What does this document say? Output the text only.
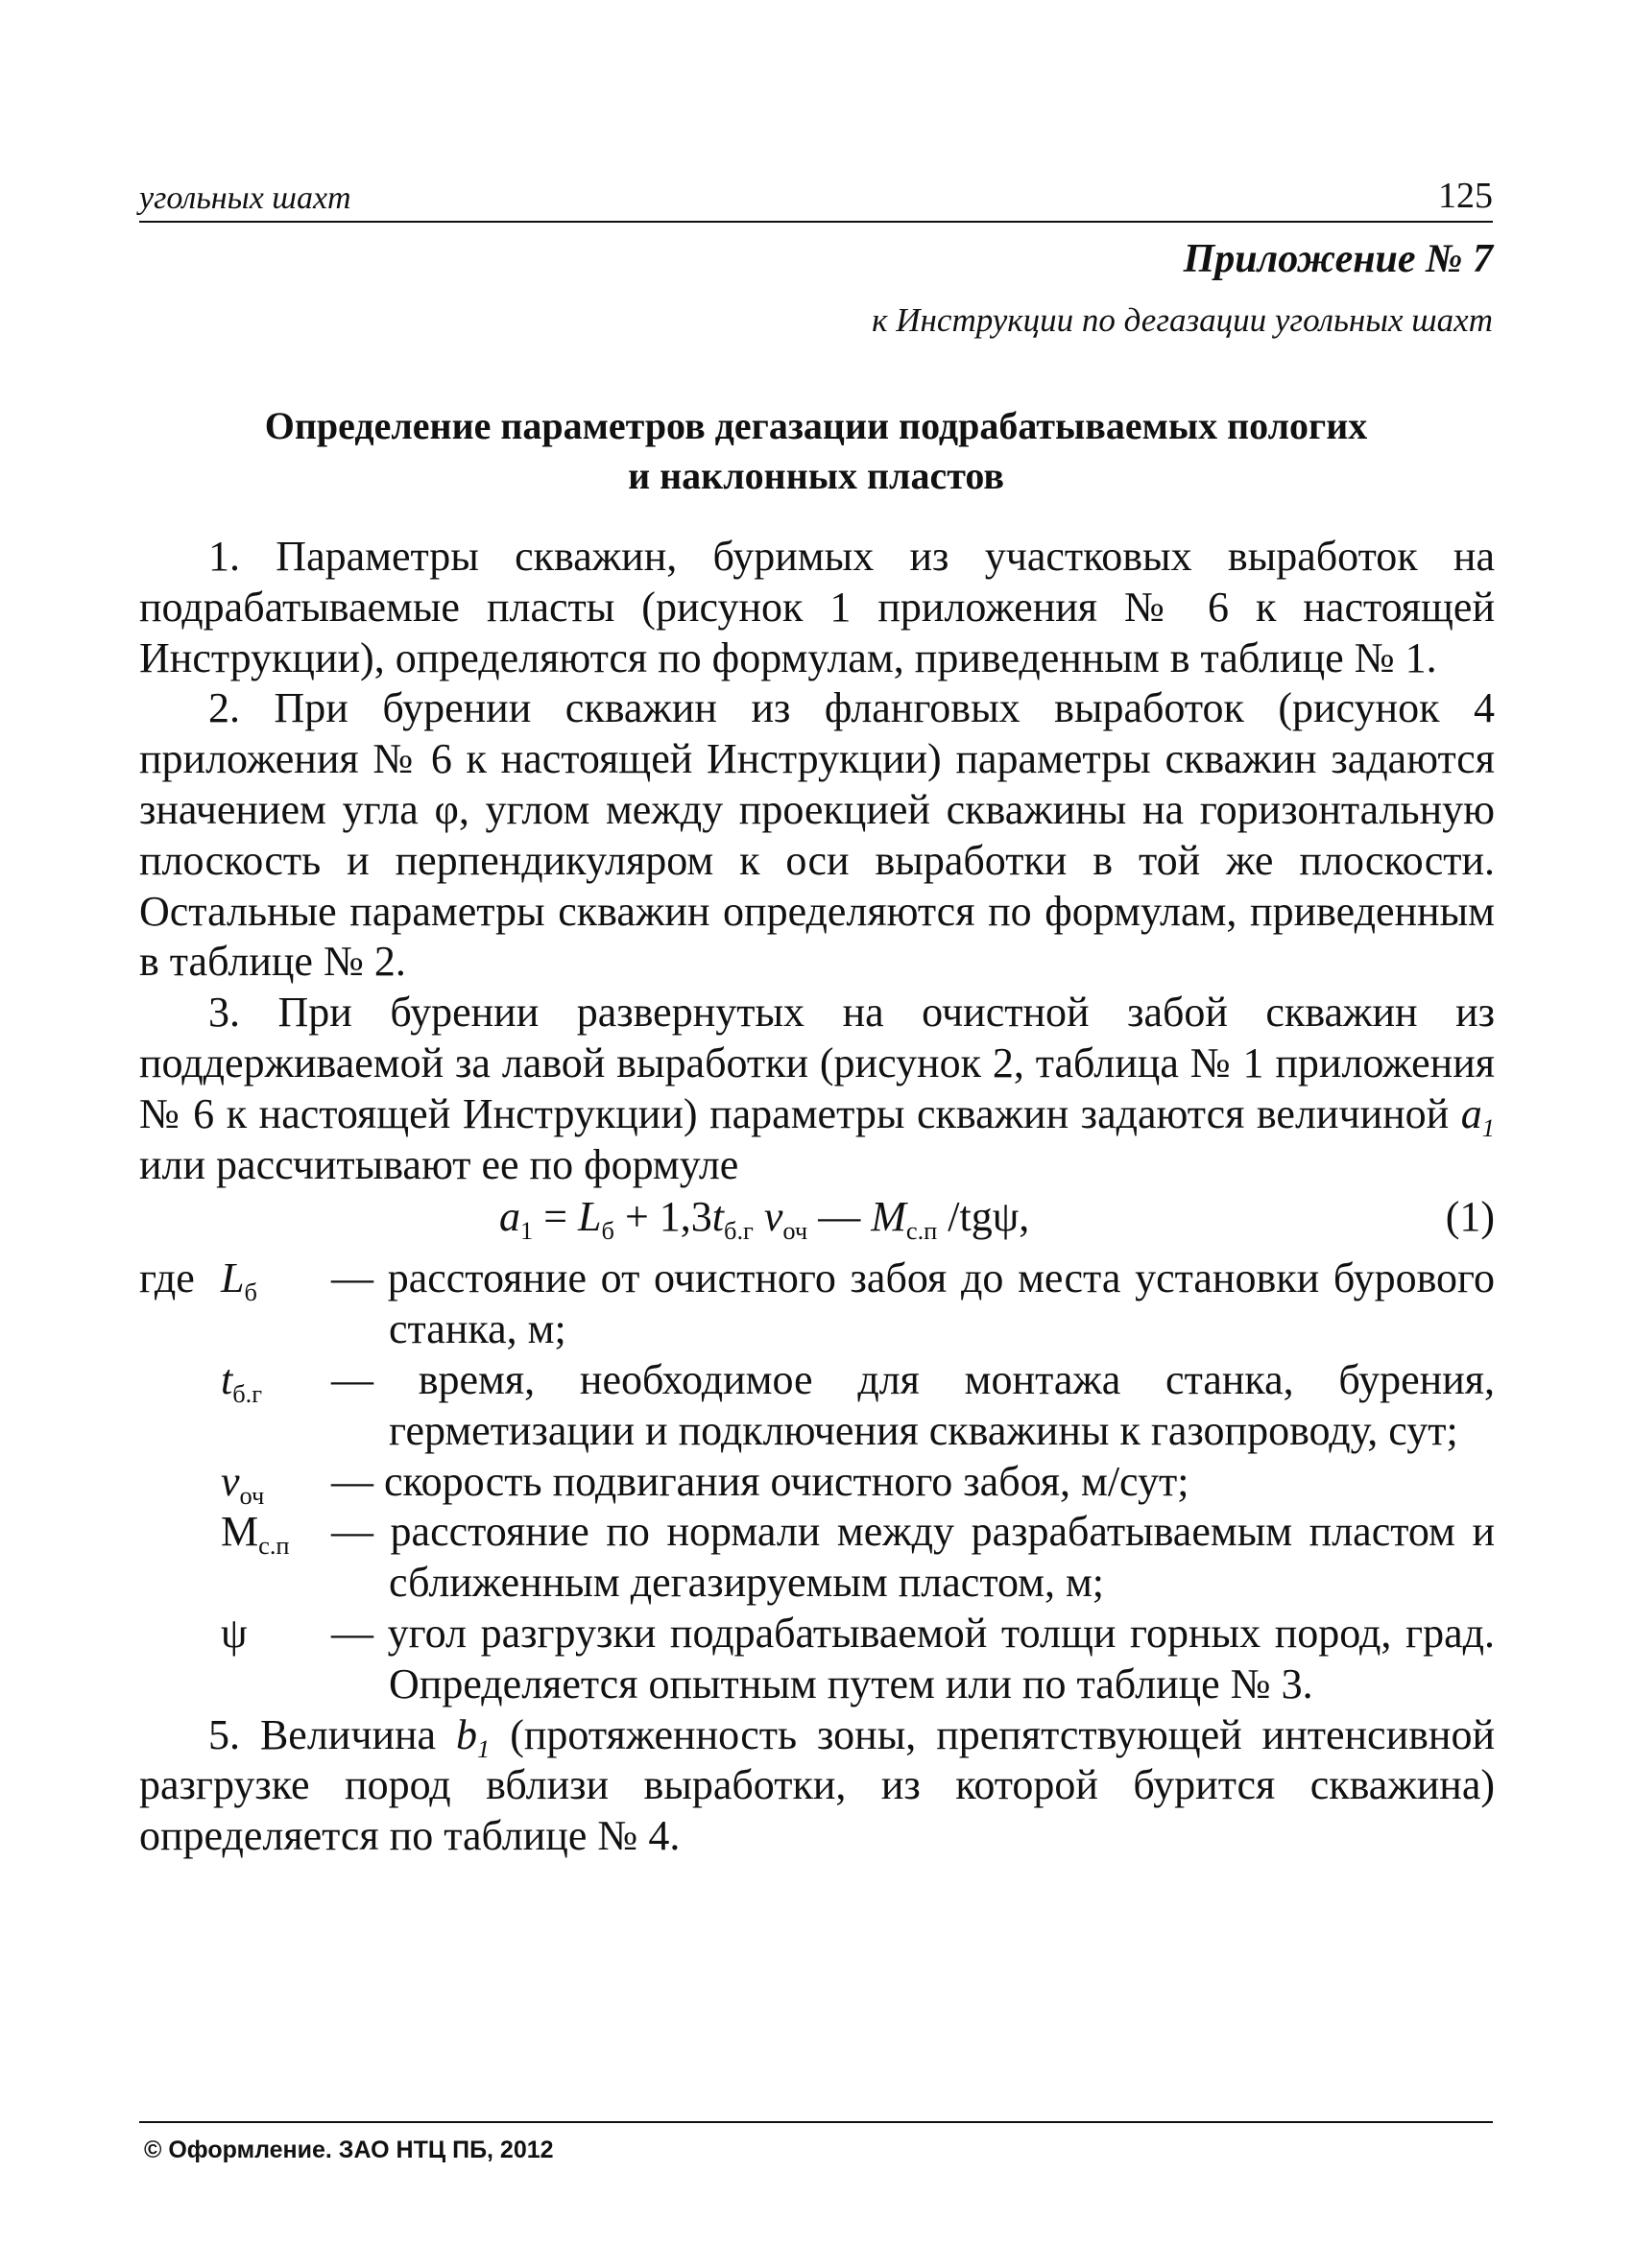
угольных шахт	125
Приложение № 7
к Инструкции по дегазации угольных шахт
Определение параметров дегазации подрабатываемых пологих
и наклонных пластов

1. Параметры скважин, буримых из участковых выработок на подрабатываемые пласты (рисунок 1 приложения № 6 к настоящей Инструкции), определяются по формулам, приведенным в таблице № 1.

2. При бурении скважин из фланговых выработок (рисунок 4 приложения № 6 к настоящей Инструкции) параметры скважин задаются значением угла φ, углом между проекцией скважины на горизонтальную плоскость и перпендикуляром к оси выработки в той же плоскости. Остальные параметры скважин определяются по формулам, приведенным в таблице № 2.

3. При бурении развернутых на очистной забой скважин из поддерживаемой за лавой выработки (рисунок 2, таблица № 1 приложения № 6 к настоящей Инструкции) параметры скважин задаются величиной $a_1$ или рассчитывают ее по формуле

$a_1 = L_б + 1,3t_{б.г}$ $v_{оч}$ — $M_{с.п}$ /tgψ,	(1)
где $L_б$	— расстояние от очистного забоя до места установки бурового станка, м;
$t_{б.г}$	— время, необходимое для монтажа станка, бурения, герметизации и подключения скважины к газопроводу, сут;
$v_{оч}$	— скорость подвигания очистного забоя, м/сут;
$M_{с.п}$ — расстояние по нормали между разрабатываемым пластом и сближенным дегазируемым пластом, м;
ψ	— угол разгрузки подрабатываемой толщи горных пород, град. Определяется опытным путем или по таблице № 3.

5. Величина $b_1$ (протяженность зоны, препятствующей интенсивной разгрузке пород вблизи выработки, из которой бурится скважина) определяется по таблице № 4.

© Оформление. ЗАО НТЦ ПБ, 2012
